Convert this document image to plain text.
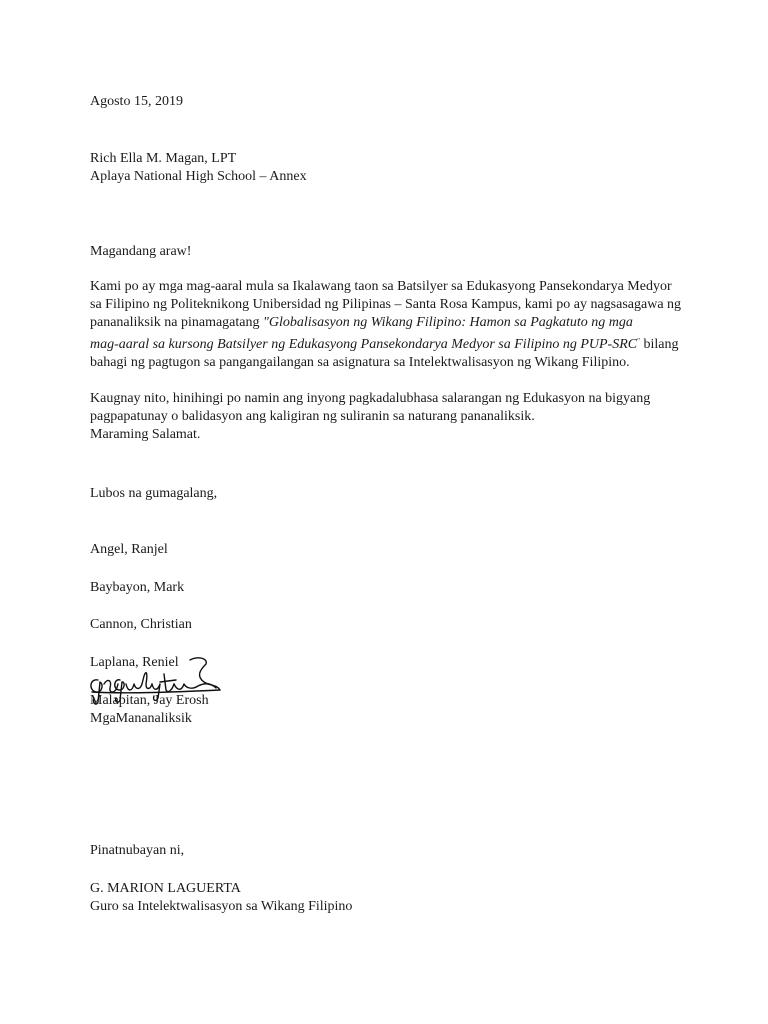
Agosto 15, 2019
Rich Ella M. Magan, LPT
Aplaya National High School – Annex
Magandang araw!
Kami po ay mga mag-aaral mula sa Ikalawang taon sa Batsilyer sa Edukasyong Pansekondarya Medyor
sa Filipino ng Politeknikong Unibersidad ng Pilipinas – Santa Rosa Kampus, kami po ay nagsasagawa ng
pananaliksik na pinamagatang "Globalisasyon ng Wikang Filipino: Hamon sa Pagkatuto ng mga
mag-aaral sa kursong Batsilyer ng Edukasyong Pansekondarya Medyor sa Filipino ng PUP-SRC" bilang
bahagi ng pagtugon sa pangangailangan sa asignatura sa Intelektwalisasyon ng Wikang Filipino.
Kaugnay nito, hinihingi po namin ang inyong pagkadalubhasa salarangan ng Edukasyon na bigyang
pagpapatunay o balidasyon ang kaligiran ng suliranin sa naturang pananaliksik.
Maraming Salamat.
Lubos na gumagalang,
Angel, Ranjel
Baybayon, Mark
Cannon, Christian
Laplana, Reniel
Malapitan, Jay Erosh
MgaMananaliksik
Pinatnubayan ni,
G. MARION LAGUERTA
Guro sa Intelektwalisasyon sa Wikang Filipino
